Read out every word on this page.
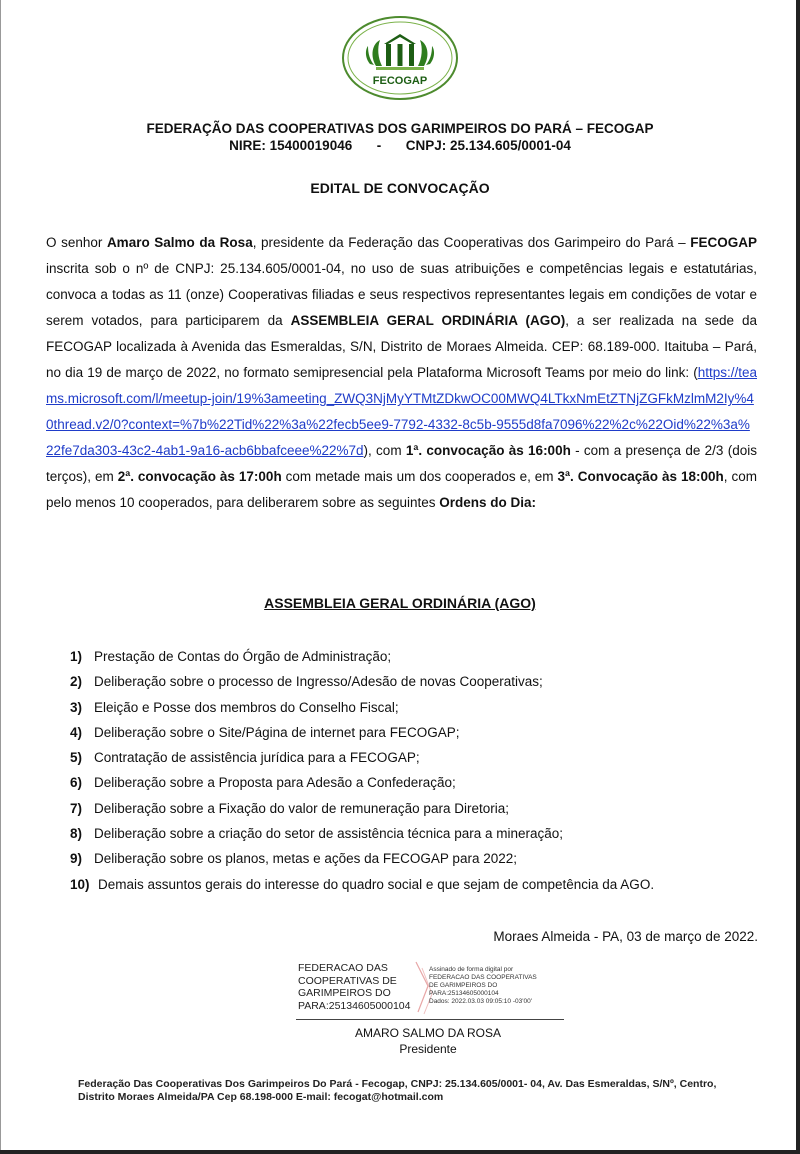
FECOGAP
FEDERAÇÃO DAS COOPERATIVAS DOS GARIMPEIROS DO PARÁ – FECOGAP
NIRE: 15400019046 - CNPJ: 25.134.605/0001-04
EDITAL DE CONVOCAÇÃO
O senhor Amaro Salmo da Rosa, presidente da Federação das Cooperativas dos Garimpeiro do Pará – FECOGAP inscrita sob o nº de CNPJ: 25.134.605/0001-04, no uso de suas atribuições e competências legais e estatutárias, convoca a todas as 11 (onze) Cooperativas filiadas e seus respectivos representantes legais em condições de votar e serem votados, para participarem da ASSEMBLEIA GERAL ORDINÁRIA (AGO), a ser realizada na sede da FECOGAP localizada à Avenida das Esmeraldas, S/N, Distrito de Moraes Almeida. CEP: 68.189-000. Itaituba – Pará, no dia 19 de março de 2022, no formato semipresencial pela Plataforma Microsoft Teams por meio do link: (https://teams.microsoft.com/l/meetup-join/19%3ameeting_ZWQ3NjMyYTMtZDkwOC00MWQ4LTkxNmEtZTNjZGFkMzlmM2Iy%40thread.v2/0?context=%7b%22Tid%22%3a%22fecb5ee9-7792-4332-8c5b-9555d8fa7096%22%2c%22Oid%22%3a%22fe7da303-43c2-4ab1-9a16-acb6bbafceee%22%7d), com 1ª. convocação às 16:00h - com a presença de 2/3 (dois terços), em 2ª. convocação às 17:00h com metade mais um dos cooperados e, em 3ª. Convocação às 18:00h, com pelo menos 10 cooperados, para deliberarem sobre as seguintes Ordens do Dia:
ASSEMBLEIA GERAL ORDINÁRIA (AGO)
1) Prestação de Contas do Órgão de Administração;
2) Deliberação sobre o processo de Ingresso/Adesão de novas Cooperativas;
3) Eleição e Posse dos membros do Conselho Fiscal;
4) Deliberação sobre o Site/Página de internet para FECOGAP;
5) Contratação de assistência jurídica para a FECOGAP;
6) Deliberação sobre a Proposta para Adesão a Confederação;
7) Deliberação sobre a Fixação do valor de remuneração para Diretoria;
8) Deliberação sobre a criação do setor de assistência técnica para a mineração;
9) Deliberação sobre os planos, metas e ações da FECOGAP para 2022;
10) Demais assuntos gerais do interesse do quadro social e que sejam de competência da AGO.
Moraes Almeida - PA, 03 de março de 2022.
FEDERACAO DAS
COOPERATIVAS DE
GARIMPEIROS DO
PARA:25134605000104
Assinado de forma digital por
FEDERACAO DAS COOPERATIVAS
DE GARIMPEIROS DO
PARA:25134605000104
Dados: 2022.03.03 09:05:10 -03'00'
AMARO SALMO DA ROSA
Presidente
Federação Das Cooperativas Dos Garimpeiros Do Pará - Fecogap, CNPJ: 25.134.605/0001- 04, Av. Das Esmeraldas, S/Nº, Centro, Distrito Moraes Almeida/PA Cep 68.198-000 E-mail: fecogat@hotmail.com
